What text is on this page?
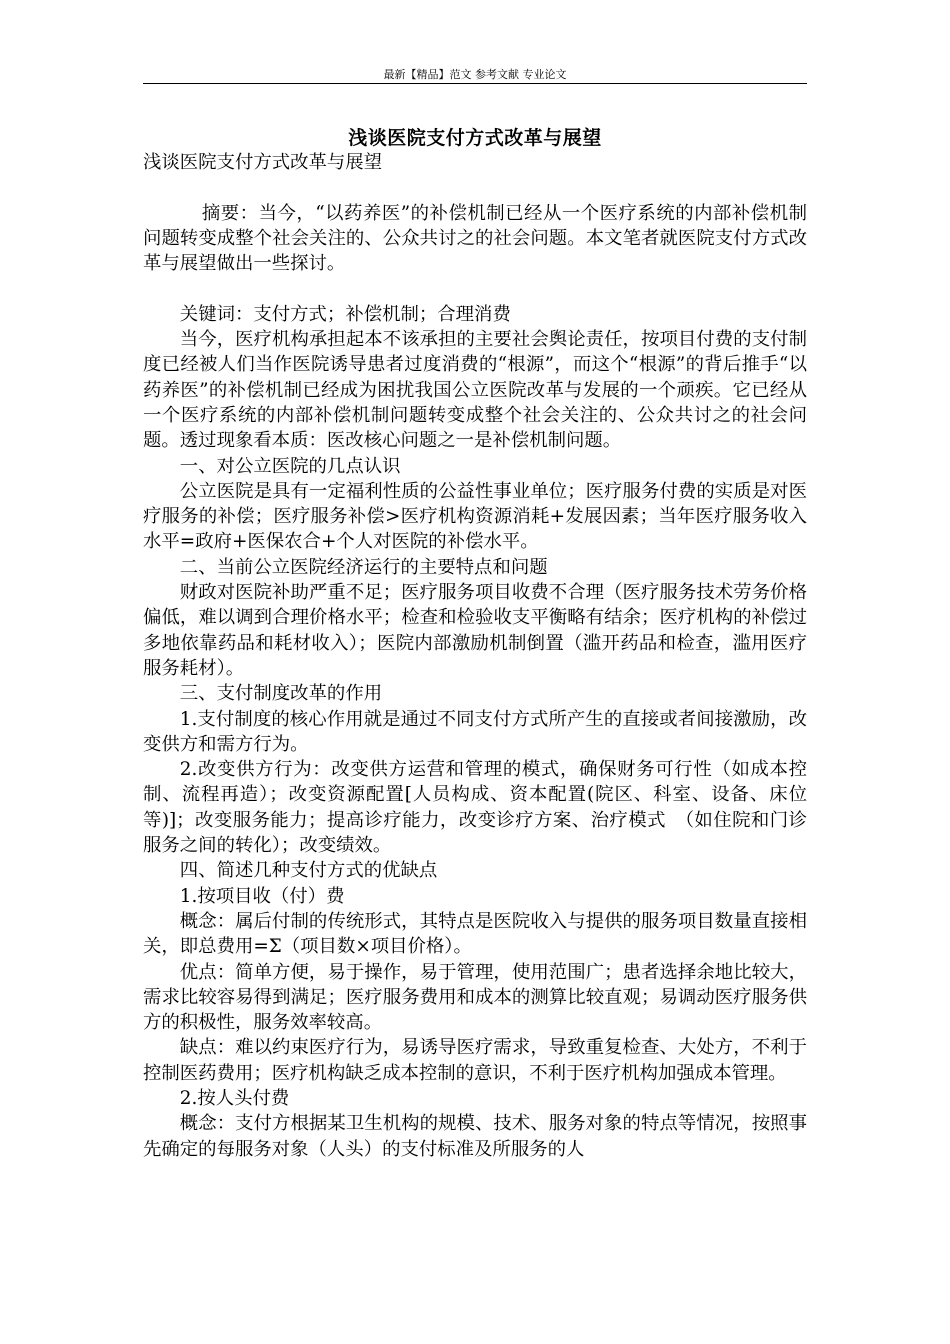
最新【精品】范文 参考文献 专业论文
浅谈医院支付方式改革与展望

浅谈医院支付方式改革与展望

摘要：当今，“以药养医”的补偿机制已经从一个医疗系统的内部补偿机制问题转变成整个社会关注的、公众共讨之的社会问题。本文笔者就医院支付方式改革与展望做出一些探讨。

关键词：支付方式；补偿机制；合理消费

当今，医疗机构承担起本不该承担的主要社会舆论责任，按项目付费的支付制度已经被人们当作医院诱导患者过度消费的“根源”，而这个“根源”的背后推手“以药养医”的补偿机制已经成为困扰我国公立医院改革与发展的一个顽疾。它已经从一个医疗系统的内部补偿机制问题转变成整个社会关注的、公众共讨之的社会问题。透过现象看本质：医改核心问题之一是补偿机制问题。

一、对公立医院的几点认识

公立医院是具有一定福利性质的公益性事业单位；医疗服务付费的实质是对医疗服务的补偿；医疗服务补偿>医疗机构资源消耗+发展因素；当年医疗服务收入水平=政府+医保农合+个人对医院的补偿水平。

二、当前公立医院经济运行的主要特点和问题

财政对医院补助严重不足；医疗服务项目收费不合理（医疗服务技术劳务价格偏低，难以调到合理价格水平；检查和检验收支平衡略有结余；医疗机构的补偿过多地依靠药品和耗材收入）；医院内部激励机制倒置（滥开药品和检查，滥用医疗服务耗材）。

三、支付制度改革的作用

1.支付制度的核心作用就是通过不同支付方式所产生的直接或者间接激励，改变供方和需方行为。

2.改变供方行为：改变供方运营和管理的模式，确保财务可行性（如成本控制、流程再造）；改变资源配置[人员构成、资本配置(院区、科室、设备、床位等)]；改变服务能力；提高诊疗能力，改变诊疗方案、治疗模式　（如住院和门诊服务之间的转化）；改变绩效。

四、简述几种支付方式的优缺点

1.按项目收（付）费

概念：属后付制的传统形式，其特点是医院收入与提供的服务项目数量直接相关，即总费用=Σ（项目数×项目价格）。

优点：简单方便，易于操作，易于管理，使用范围广；患者选择余地比较大，需求比较容易得到满足；医疗服务费用和成本的测算比较直观；易调动医疗服务供方的积极性，服务效率较高。

缺点：难以约束医疗行为，易诱导医疗需求，导致重复检查、大处方，不利于控制医药费用；医疗机构缺乏成本控制的意识，不利于医疗机构加强成本管理。

2.按人头付费

概念：支付方根据某卫生机构的规模、技术、服务对象的特点等情况，按照事先确定的每服务对象（人头）的支付标准及所服务的人
